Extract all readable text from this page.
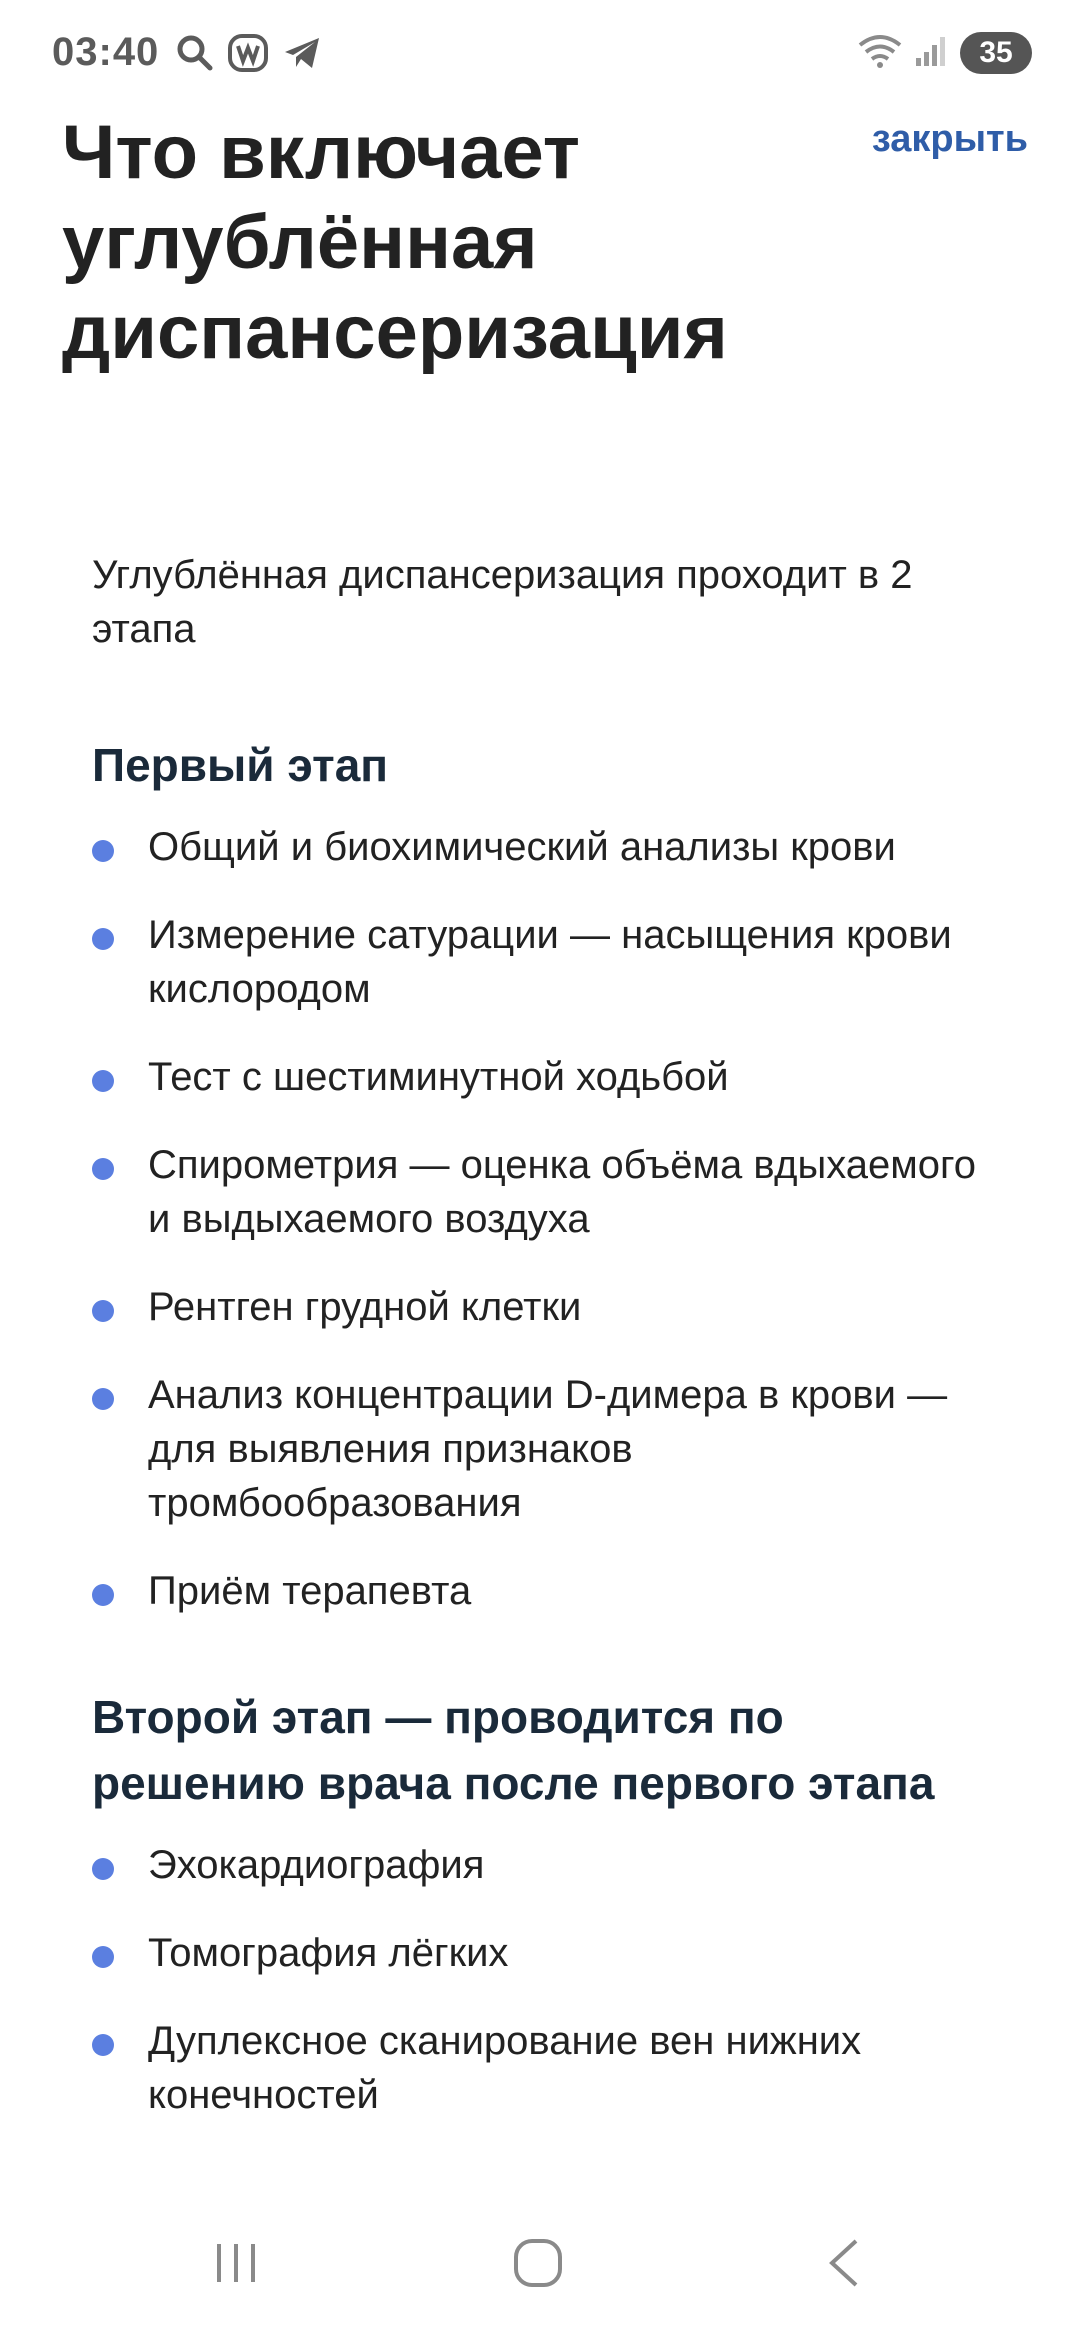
03:40	35
закрыть
Что включает
углублённая
диспансеризация

Углублённая диспансеризация проходит в 2 этапа

Первый этап
Общий и биохимический анализы крови
Измерение сатурации — насыщения крови кислородом
Тест с шестиминутной ходьбой
Спирометрия — оценка объёма вдыхаемого и выдыхаемого воздуха
Рентген грудной клетки
Анализ концентрации D-димера в крови — для выявления признаков тромбообразования
Приём терапевта
Второй этап — проводится по решению врача после первого этапа
Эхокардиография
Томография лёгких
Дуплексное сканирование вен нижних конечностей
